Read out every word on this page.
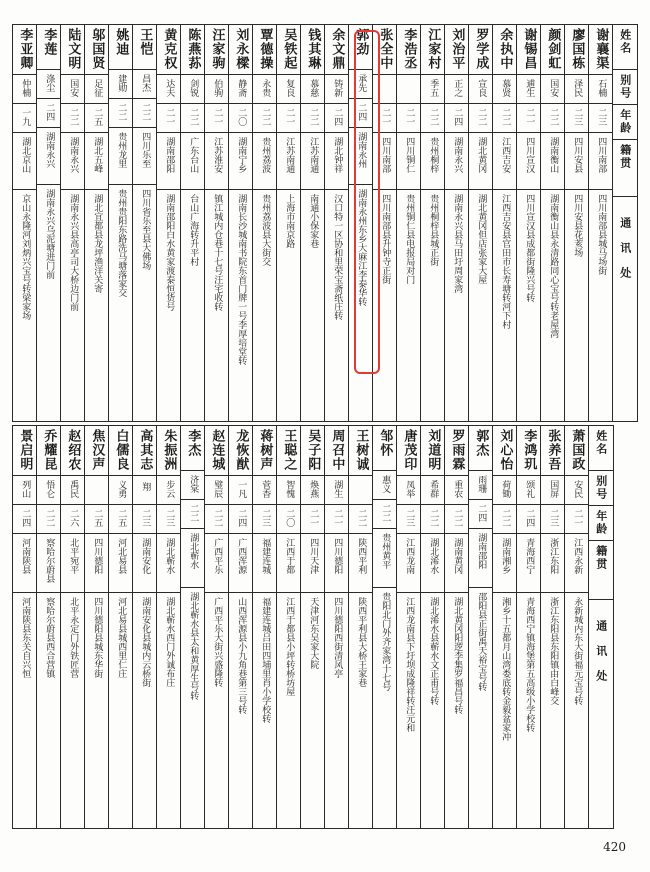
李亚卿
仲楠
一九
湖北京山
京山永隆河刘炳兴宝号转梁家场

李莲
涤尘
二四
湖南永兴
湖南永兴乌泥塘进门前

陆文明
国安
二二
湖南永兴
湖南永兴县高亭司大桥边门前

邬国贤
足征
二五
湖北五峰
湖北宜都县龙坪渔洋关寄

姚迪
建勋
二二
贵州龙里
贵州贵阳东路洗马塘落家交

王恺
昌杰
二二
四川乐至
四川省乐至县大佛场

黄克权
达夫
二一
湖南邵阳
湖南邵阳白水黄家渡泰恒货号

陈燕荪
剑锐
二二
广东台山
台山广海转升平村

汪家驹
伯驹
二一
江苏淮安
镇江城内仓巷十七号汪宅收转

刘永樑
静斋
二〇
湖南宁乡
湖南长沙城南书院东首门牌一号李厚培堂转

覃德操
永贵
二二
贵州荔波
贵州荔波县大街交

吴铁起
复良
二一
江苏南通
上海市南京路

钱其琳
慕慈
二二
江苏南通
南通小保家巷

余文鼎
铸新
二四
湖北钟祥
汉口特一区协和里荣宝斋纸庄转

郭劲
承先
二四
湖南永州
湖南永州东乡大麻江李泰华转

张全中

二一
四川南部
四川南部县升钟寺正街

李浩丞

二一
四川铜仁
贵州铜仁县电报局对门

江家村
季五
二二
贵州桐梓
贵州桐梓县城正街

刘治平
正之
二四
湖南永兴
湖南永兴县马田圩周家湾

罗学成
宣良
二二
湖北黄冈
湖北黄冈但店张家大屋

余执中
慕贤
二二
江西吉安
江西吉安县官田市长寿塘转河下村

谢锡昌
逋生
二一
四川宣汉
四川宣汉县成都街隆兴号转

颜剑虹
国安
二二
湖南衡山
湖南衡山县永清路同心宝号转老屋湾

廖国栋
泽民
二三
四川安县
四川安县花荄场

谢襄渠
石楠
二三
四川南部
四川南部县城马场街

姓名
别号
年龄
籍贯
通讯处
景启明
列山
二四
河南陕县
河南陕县东关自兴恒

乔耀昆
悟仑
二二
察哈尔蔚县
察哈尔蔚县西合营镇

赵绍农
禹民
二六
北平宛平
北平永定门外铁匠营

焦汉声

二五
四川德阳
四川德阳县城东华街

白儒良
义勇
二五
河北易县
河北易县城西里仁庄

高其志
翔
二三
湖南安化
湖南安化县城内云桥街

朱振洲
步云
二三
湖北蕲水
湖北蕲水西门外诚布庄

李杰
济棠
二二
湖北蕲水
湖北蕲水县太和黄厚生号转

赵连城
璧辰
二二
广西平乐
广西平乐大街兴盛隆转

龙恢猷
一凡
二四
广西浑源
山西浑源县小九角巷第三号转

蒋树声
菅香
二三
福建连城
福建连城吕田四埔里肖小学校转

王聪之
智愧
二〇
江西于都
江西于都县小坪转桥坊屋

吴子阳
焕燕
二一
四川天津
天津河东吴家大院

周召中
湖生
二一
四川德阳
四川德阳西街清风亭

王树诚

二二
陕西平利
陕西平利县大桥王家巷

邹怀
惠义
二二
贵州黄平
贵阳北门外齐家湾十七号

唐茂印
凤举
二三
江西龙南
江西龙南县下圩坝成隆祥转汪元和

刘道明
希群
二二
湖北浠水
湖北浠水县蕲水文正甫号转

罗雨霖
重农
二二
湖南黄冈
湖北黄冈阳逻李集罗福昌号转

郭杰
雨珊
二四
湖南邵阳
邵阳县正街禹天裕宝号转

刘心怡
荷锄
二二
湖南湘乡
湘乡十五都月山湾娄底转金毅盆家冲

李鸿玑
颂礼
二四
青海西宁
青海西宁镇海堡第五高级小学校转

张养吾
国屏
二三
浙江东阳
浙江东阳县东阳镇由白峰交

萧国政
安民
二一
江西永新
永新城内东大街福元宝号转

姓名
别号
年龄
籍贯
通讯处
420
